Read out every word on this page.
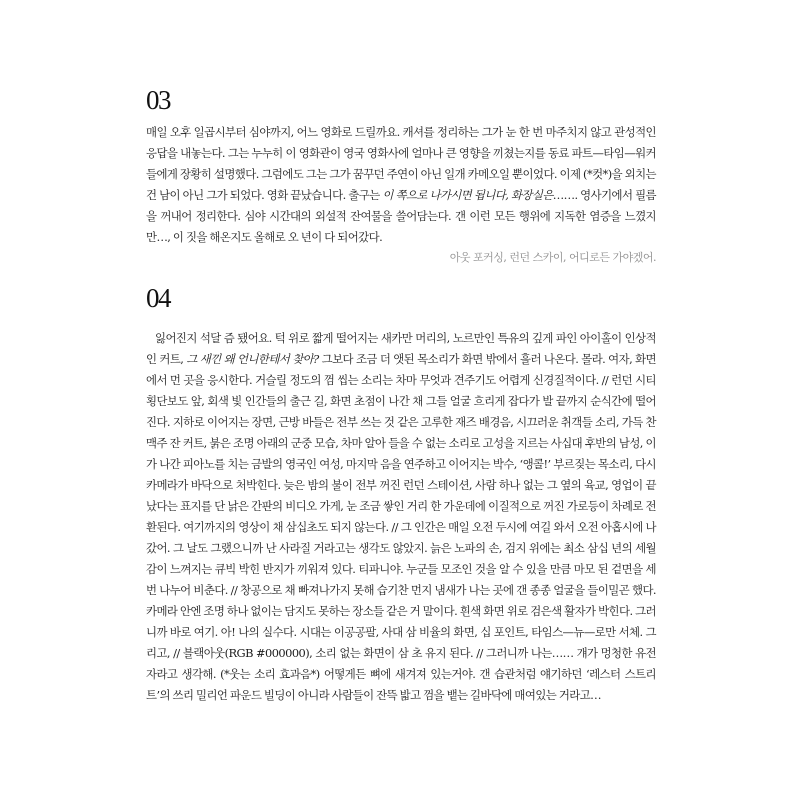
03

매일 오후 일곱시부터 심야까지, 어느 영화로 드릴까요. 캐셔를 정리하는 그가 눈 한 번 마주치지 않고 관성적인 응답을 내놓는다. 그는 누누히 이 영화관이 영국 영화사에 얼마나 큰 영향을 끼쳤는지를 동료 파트—타임—워커들에게 장황히 설명했다. 그럼에도 그는 그가 꿈꾸던 주연이 아닌 일개 카메오일 뿐이었다. 이제 (*컷*)을 외치는 건 남이 아닌 그가 되었다. 영화 끝났습니다. 출구는 이 쪽으로 나가시면 됩니다, 화장실은……. 영사기에서 필름을 꺼내어 정리한다. 심야 시간대의 외설적 잔여물을 쓸어담는다. 갠 이런 모든 행위에 지독한 염증을 느꼈지만…, 이 짓을 해온지도 올해로 오 년이 다 되어갔다.

아웃 포커싱, 런던 스카이, 어디로든 가야겠어.

04

잃어진지 석달 즘 됐어요. 턱 위로 짧게 떨어지는 새카만 머리의, 노르만인 특유의 깊게 파인 아이홀이 인상적인 커트, 그 새낀 왜 언니한테서 찾아? 그보다 조금 더 앳된 목소리가 화면 밖에서 흘러 나온다. 몰라. 여자, 화면에서 먼 곳을 응시한다. 거슬릴 정도의 껌 씹는 소리는 차마 무엇과 견주기도 어렵게 신경질적이다. // 런던 시티 횡단보도 앞, 회색 빛 인간들의 출근 길, 화면 초점이 나간 채 그들 얼굴 흐리게 잡다가 발 끝까지 순식간에 떨어진다. 지하로 이어지는 장면, 근방 바들은 전부 쓰는 것 같은 고루한 재즈 배경음, 시끄러운 취객들 소리, 가득 찬 맥주 잔 커트, 붉은 조명 아래의 군중 모습, 차마 알아 들을 수 없는 소리로 고성을 지르는 사십대 후반의 남성, 이가 나간 피아노를 치는 금발의 영국인 여성, 마지막 음을 연주하고 이어지는 박수, ‘앵콜!’ 부르짖는 목소리, 다시 카메라가 바닥으로 처박힌다. 늦은 밤의 불이 전부 꺼진 런던 스테이션, 사람 하나 없는 그 옆의 육교, 영업이 끝났다는 표지를 단 낡은 간판의 비디오 가게, 눈 조금 쌓인 거리 한 가운데에 이질적으로 꺼진 가로등이 차례로 전환된다. 여기까지의 영상이 채 삼십초도 되지 않는다. // 그 인간은 매일 오전 두시에 여길 와서 오전 아홉시에 나갔어. 그 날도 그랬으니까 난 사라질 거라고는 생각도 않았지. 늙은 노파의 손, 검지 위에는 최소 삼십 년의 세월감이 느껴지는 큐빅 박힌 반지가 끼워져 있다. 티파니야. 누군들 모조인 것을 알 수 있을 만큼 마모 된 겉면을 세 번 나누어 비춘다. // 창공으로 채 빠져나가지 못해 습기찬 먼지 냄새가 나는 곳에 갠 종종 얼굴을 들이밀곤 했다. 카메라 안엔 조명 하나 없이는 담지도 못하는 장소들 같은 거 말이다. 흰색 화면 위로 검은색 활자가 박힌다. 그러니까 바로 여기. 아! 나의 실수다. 시대는 이공공팔, 사대 삼 비율의 화면, 십 포인트, 타임스—뉴—로만 서체. 그리고, // 블랙아웃(RGB #000000), 소리 없는 화면이 삼 초 유지 된다. // 그러니까 나는…… 걔가 멍청한 유전자라고 생각해. (*웃는 소리 효과음*) 어떻게든 뼈에 새겨져 있는거야. 갠 습관처럼 얘기하던 ‘레스터 스트리트’의 쓰리 밀리언 파운드 빌딩이 아니라 사람들이 잔뜩 밟고 껌을 뱉는 길바닥에 매여있는 거라고…
